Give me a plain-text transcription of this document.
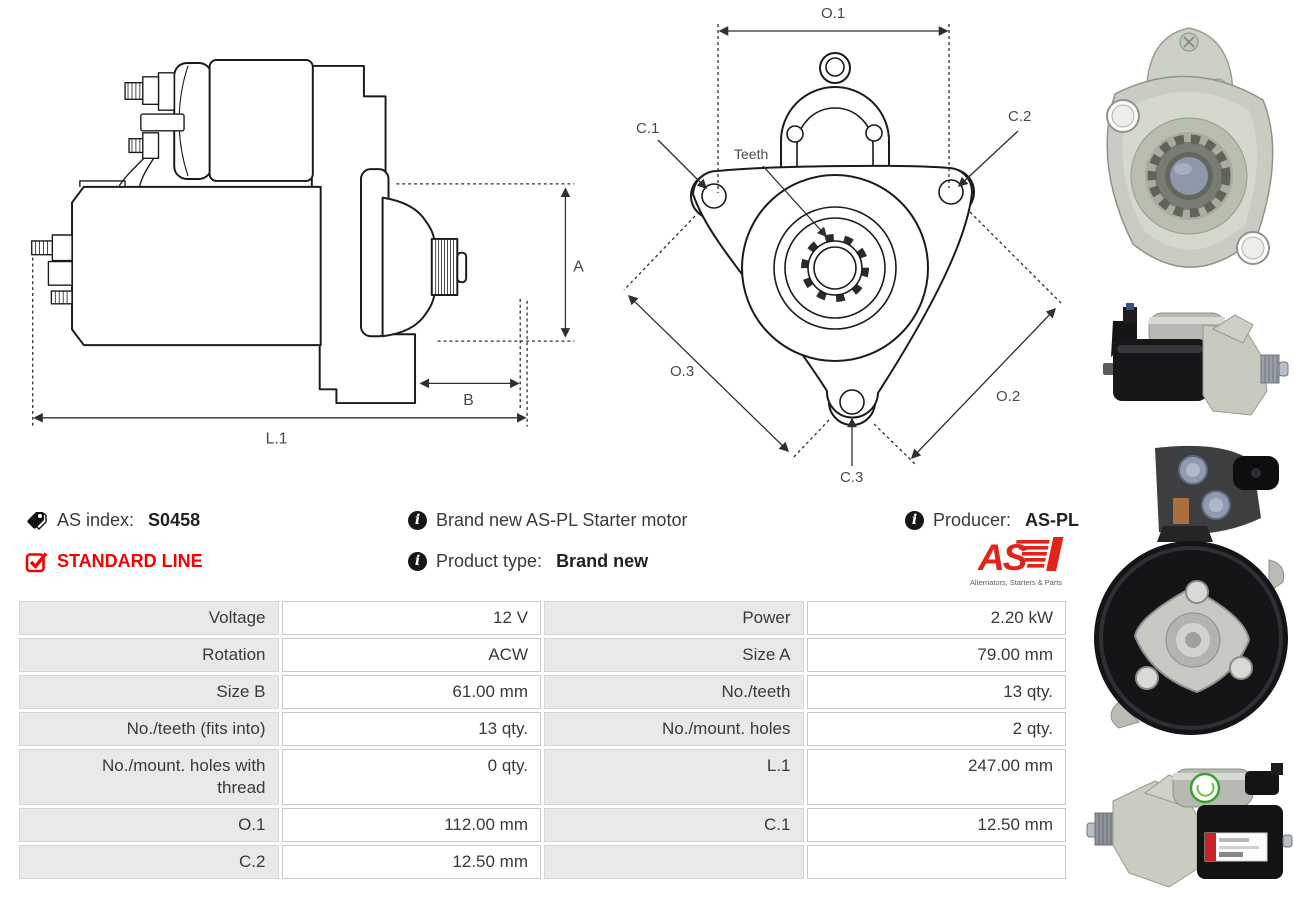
A
B
L.1
O.1
C.1
C.2
Teeth
O.3
O.2
C.3
AS index: S0458
STANDARD LINE
i Brand new AS-PL Starter motor
i Product type: Brand new
i Producer: AS-PL
AS
Alternators, Starters & Parts
Voltage	12 V	Power	2.20 kW
Rotation	ACW	Size A	79.00 mm
Size B	61.00 mm	No./teeth	13 qty.
No./teeth (fits into)	13 qty.	No./mount. holes	2 qty.
No./mount. holes with thread	0 qty.	L.1	247.00 mm
O.1	112.00 mm	C.1	12.50 mm
C.2	12.50 mm		
